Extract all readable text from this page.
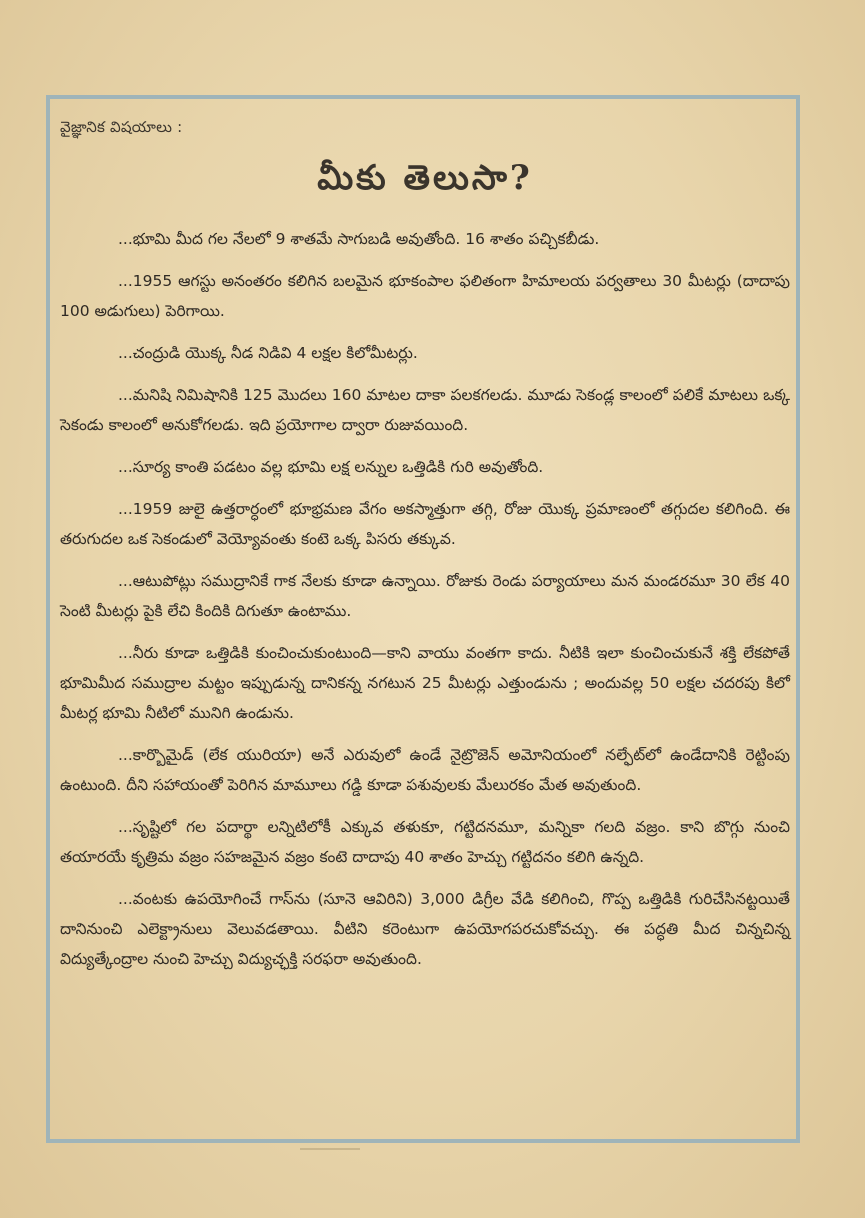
వైజ్ఞానిక విషయాలు :
మీకు తెలుసా?

...భూమి మీద గల నేలలో 9 శాతమే సాగుబడి అవుతోంది. 16 శాతం పచ్చికబీడు.

...1955 ఆగస్టు అనంతరం కలిగిన బలమైన భూకంపాల ఫలితంగా హిమాలయ పర్వతాలు 30 మీటర్లు (దాదాపు 100 అడుగులు) పెరిగాయి.

...చంద్రుడి యొక్క నీడ నిడివి 4 లక్షల కిలోమీటర్లు.

...మనిషి నిమిషానికి 125 మొదలు 160 మాటల దాకా పలకగలడు. మూడు సెకండ్ల కాలంలో పలికే మాటలు ఒక్క సెకండు కాలంలో అనుకోగలడు. ఇది ప్రయోగాల ద్వారా రుజువయింది.

...సూర్య కాంతి పడటం వల్ల భూమి లక్ష లన్నుల ఒత్తిడికి గురి అవుతోంది.

...1959 జులై ఉత్తరార్ధంలో భూభ్రమణ వేగం అకస్మాత్తుగా తగ్గి, రోజు యొక్క ప్రమాణంలో తగ్గుదల కలిగింది. ఈ తరుగుదల ఒక సెకండులో వెయ్యోవంతు కంటె ఒక్క పిసరు తక్కువ.

...ఆటుపోట్లు సముద్రానికే గాక నేలకు కూడా ఉన్నాయి. రోజుకు రెండు పర్యాయాలు మన మండరమూ 30 లేక 40 సెంటి మీటర్లు పైకి లేచి కిందికి దిగుతూ ఉంటాము.

...నీరు కూడా ఒత్తిడికి కుంచించుకుంటుంది—కాని వాయు వంతగా కాదు. నీటికి ఇలా కుంచించుకునే శక్తి లేకపోతే భూమిమీద సముద్రాల మట్టం ఇప్పుడున్న దానికన్న నగటున 25 మీటర్లు ఎత్తుండును ; అందువల్ల 50 లక్షల చదరపు కిలో మీటర్ల భూమి నీటిలో మునిగి ఉండును.

...కార్బొమైడ్ (లేక యురియా) అనే ఎరువులో ఉండే నైట్రొజెన్ అమోనియంలో నల్ఫేట్‌లో ఉండేదానికి రెట్టింపు ఉంటుంది. దీని సహాయంతో పెరిగిన మామూలు గడ్డి కూడా పశువులకు మేలురకం మేత అవుతుంది.

...సృష్టిలో గల పదార్థా లన్నిటిలోకీ ఎక్కువ తళుకూ, గట్టిదనమూ, మన్నికా గలది వజ్రం. కాని బొగ్గు నుంచి తయారయే కృత్రిమ వజ్రం సహజమైన వజ్రం కంటె దాదాపు 40 శాతం హెచ్చు గట్టిదనం కలిగి ఉన్నది.

...వంటకు ఉపయోగించే గాస్‌ను (సూనె ఆవిరిని) 3,000 డిగ్రీల వేడి కలిగించి, గొప్ప ఒత్తిడికి గురిచేసినట్టయితే దానినుంచి ఎలెక్ట్రానులు వెలువడతాయి. వీటిని కరెంటుగా ఉపయోగపరచుకోవచ్చు. ఈ పద్ధతి మీద చిన్నచిన్న విద్యుత్కేంద్రాల నుంచి హెచ్చు విద్యుచ్ఛక్తి సరఫరా అవుతుంది.
